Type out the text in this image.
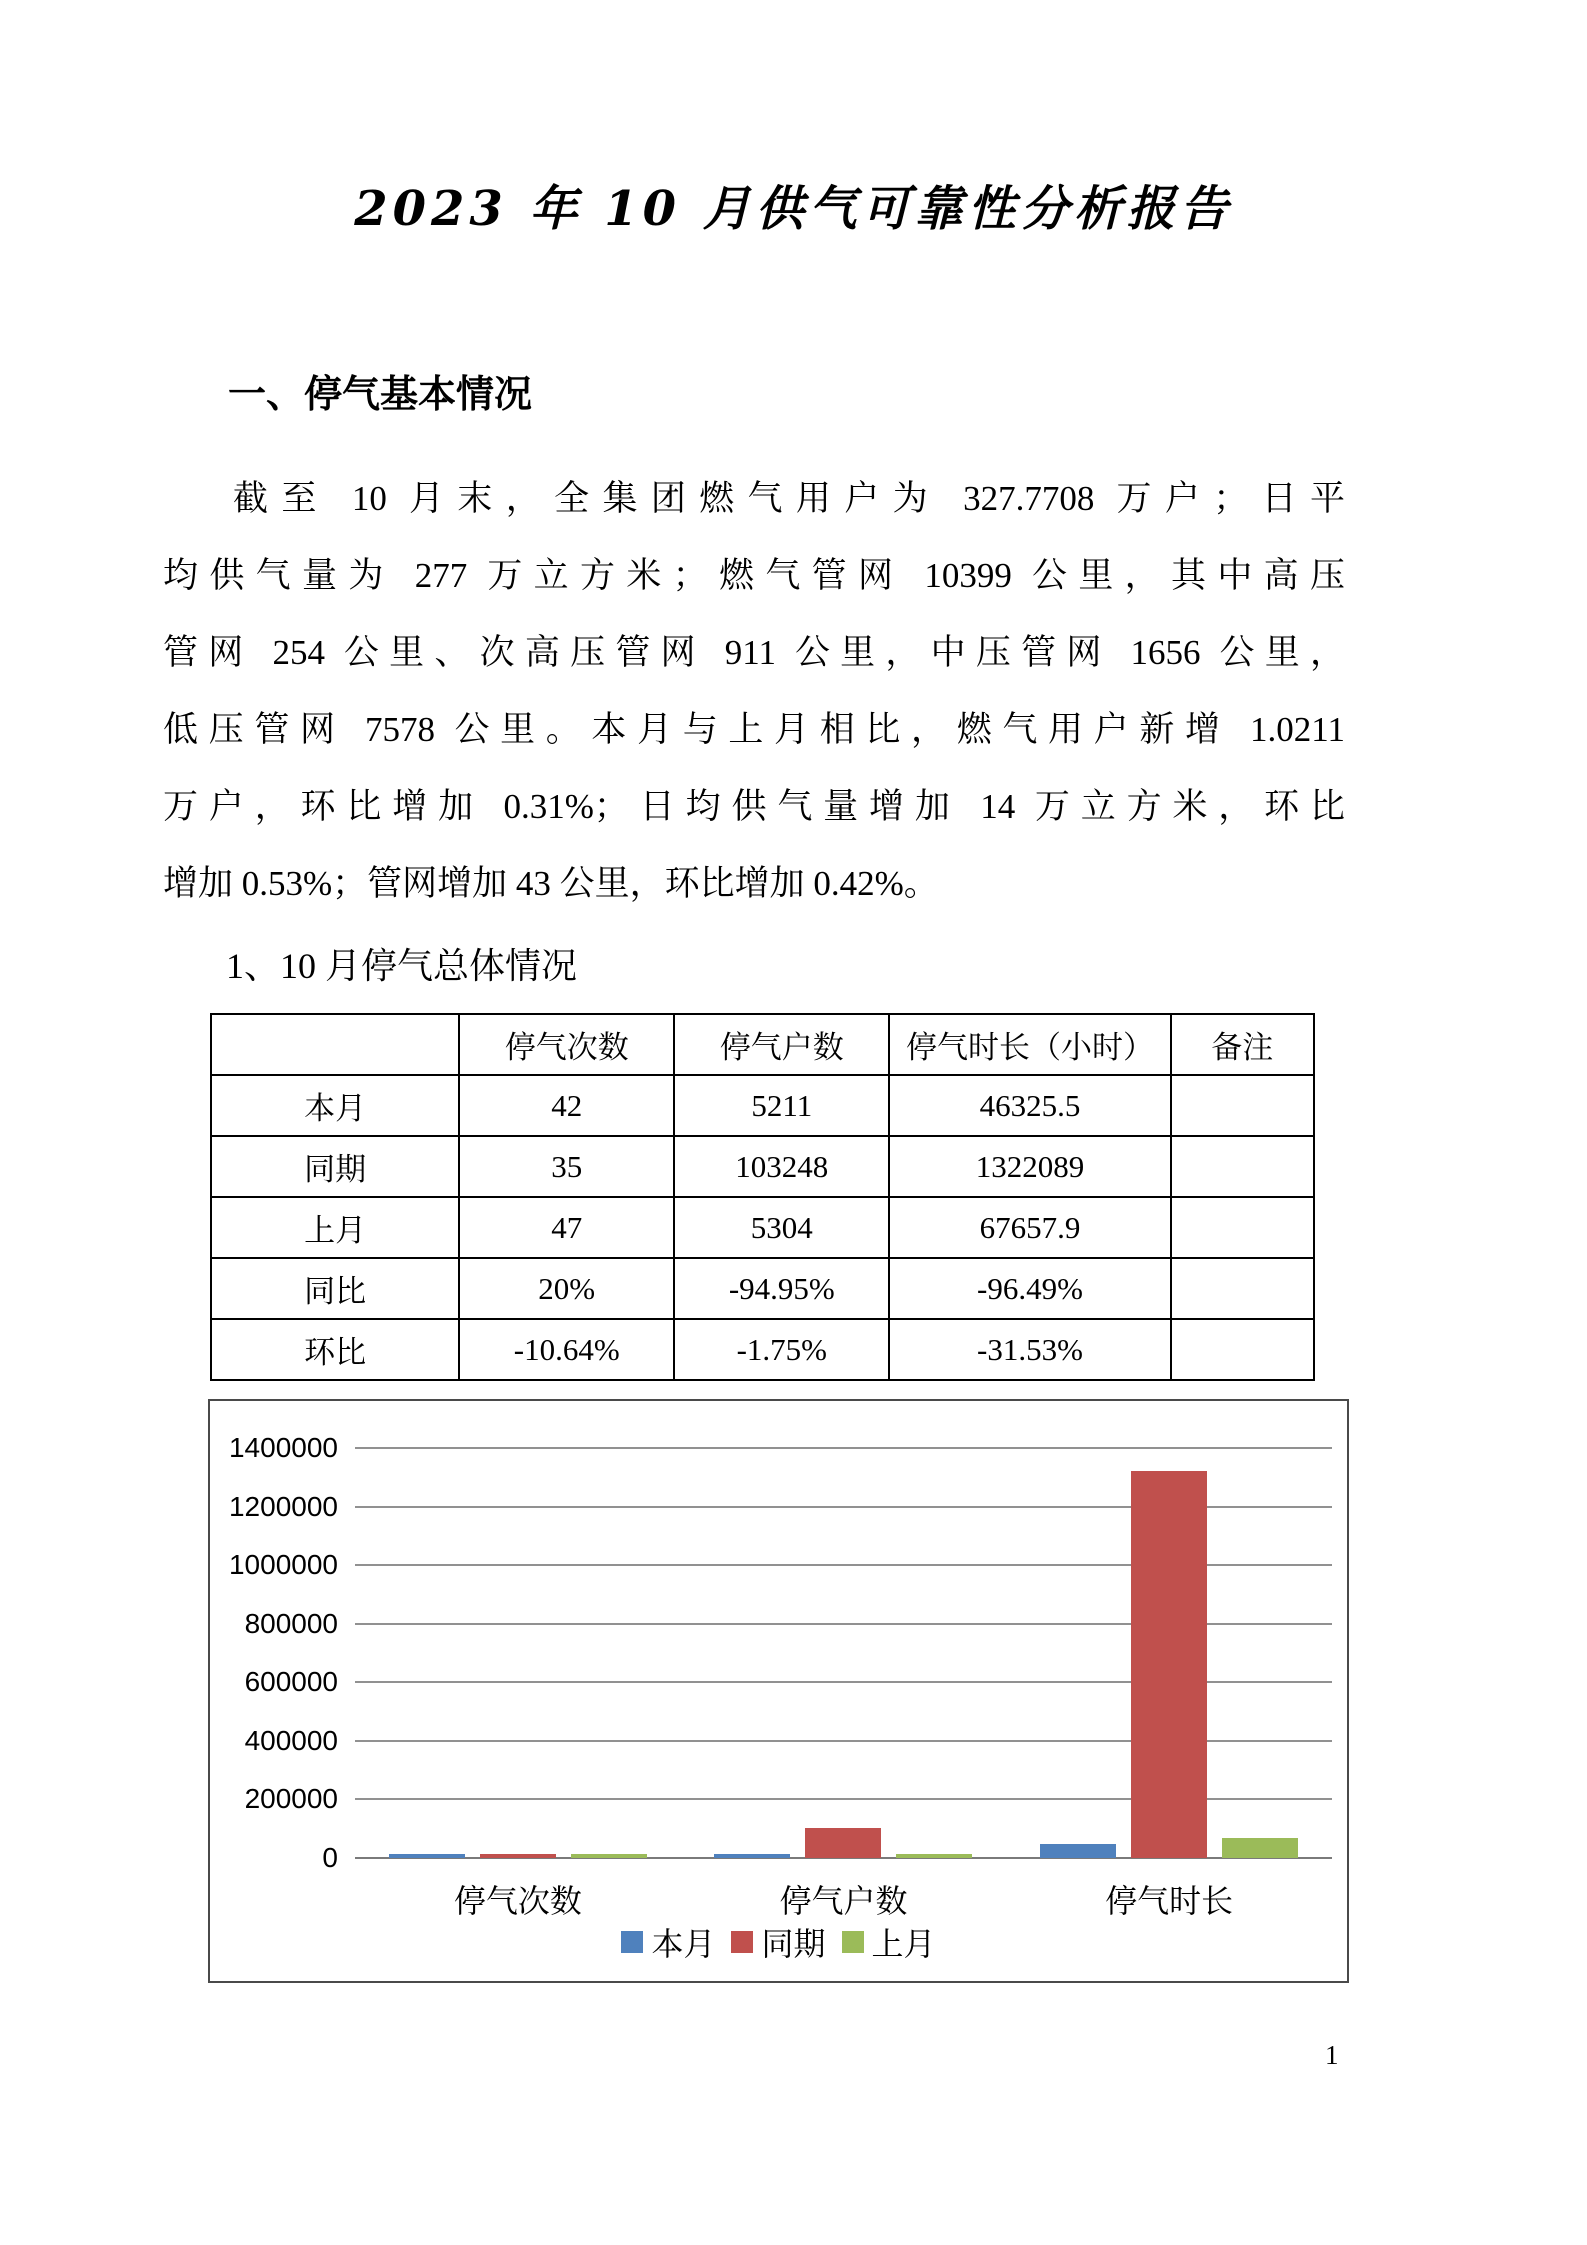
2023 年 10 月供气可靠性分析报告
一、停气基本情况
截至 10 月末，全集团燃气用户为 327.7708 万户；日平
均供气量为 277 万立方米；燃气管网 10399 公里，其中高压
管网 254 公里、次高压管网 911 公里，中压管网 1656 公里，
低压管网 7578 公里。本月与上月相比，燃气用户新增 1.0211
万户，环比增加 0.31%；日均供气量增加 14 万立方米，环比
增加 0.53%；管网增加 43 公里，环比增加 0.42%。
1、10 月停气总体情况
	停气次数	停气户数	停气时长（小时）	备注
本月	42	5211	46325.5	
同期	35	103248	1322089	
上月	47	5304	67657.9	
同比	20%	-94.95%	-96.49%	
环比	-10.64%	-1.75%	-31.53%	
1400000
1200000
1000000
800000
600000
400000
200000
0
停气次数	停气户数	停气时长
本月 同期 上月
1
